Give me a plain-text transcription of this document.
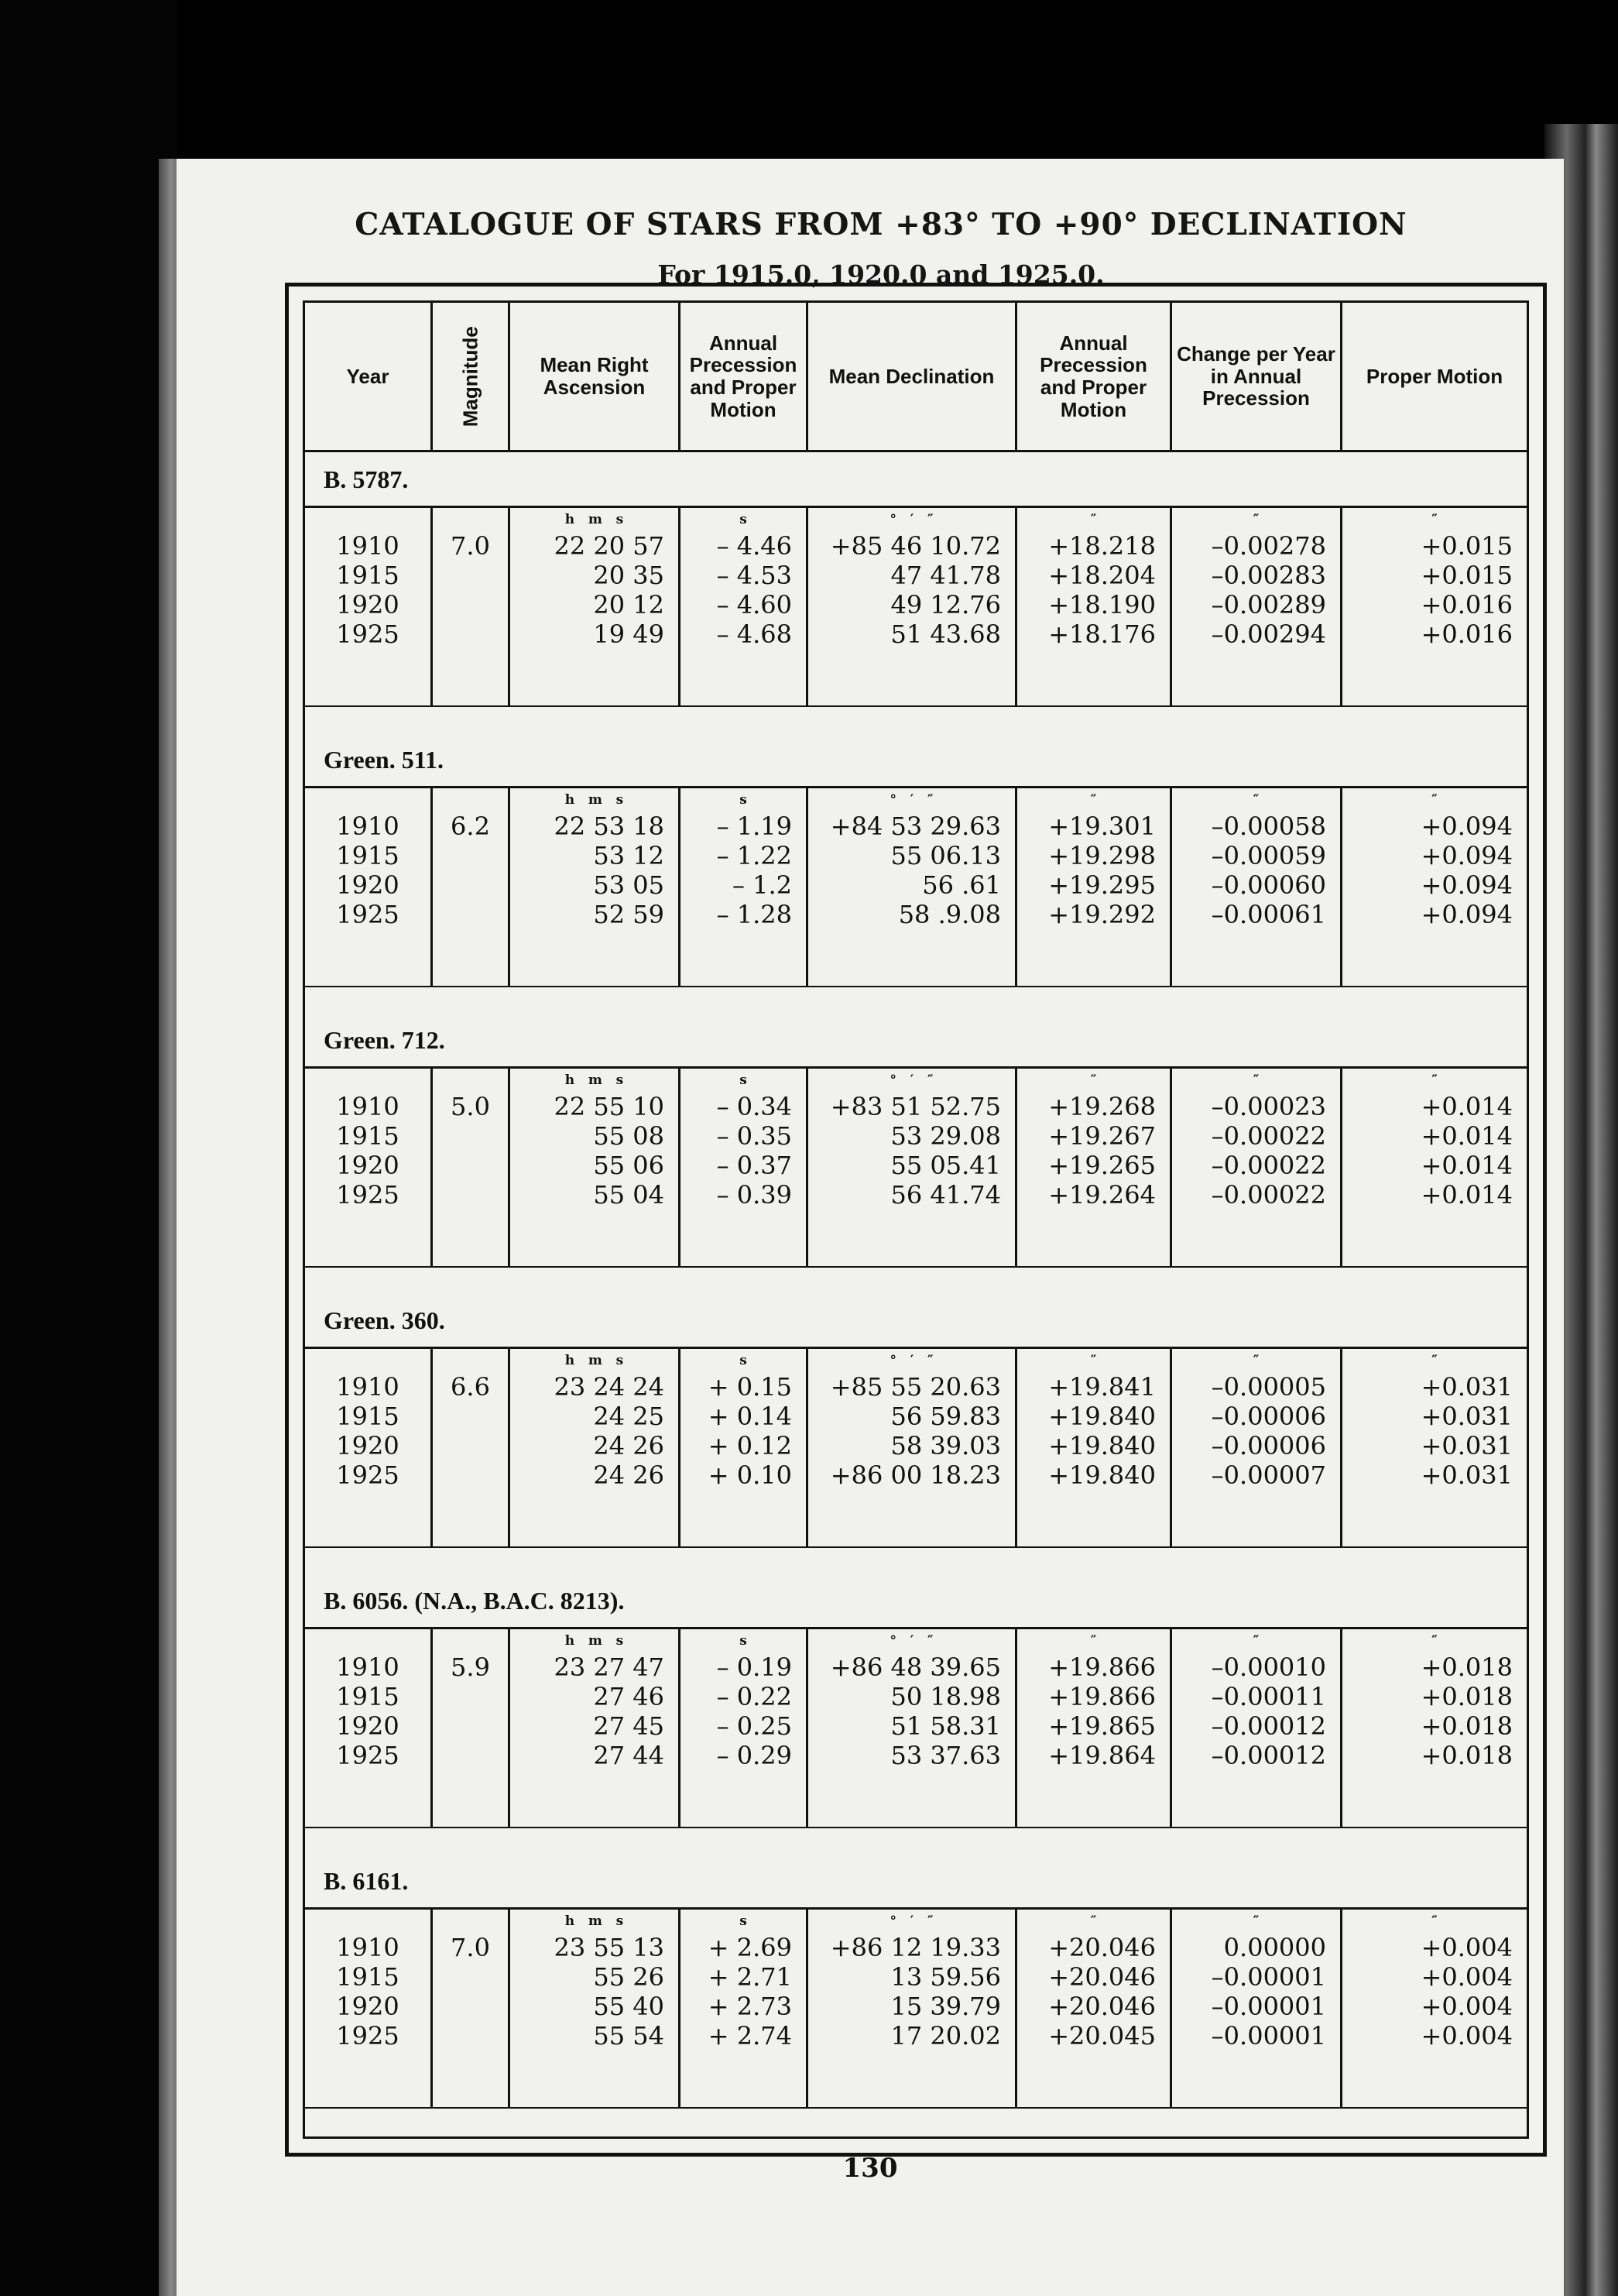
CATALOGUE OF STARS FROM +83° TO +90° DECLINATION
For 1915.0, 1920.0 and 1925.0.
Year	Magnitude	Mean Right Ascension
Annual Precession and Proper Motion
Mean Declination
Annual Precession and Proper Motion
Change per Year in Annual Precession
Proper Motion
B. 5787.
1910
1915
1920
1925
7.0
h   m   s
22 20 57
20 35
20 12
19 49
s
– 4.46
– 4.53
– 4.60
– 4.68
°   ′   ″
+85 46 10.72
47 41.78
49 12.76
51 43.68
″
+18.218
+18.204
+18.190
+18.176
″
–0.00278
–0.00283
–0.00289
–0.00294
″
+0.015
+0.015
+0.016
+0.016
Green. 511.
1910
1915
1920
1925
6.2
h   m   s
22 53 18
53 12
53 05
52 59
s
– 1.19
– 1.22
– 1.2
– 1.28
°   ′   ″
+84 53 29.63
55 06.13
56 .61
58 .9.08
″
+19.301
+19.298
+19.295
+19.292
″
–0.00058
–0.00059
–0.00060
–0.00061
″
+0.094
+0.094
+0.094
+0.094
Green. 712.
1910
1915
1920
1925
5.0
h   m   s
22 55 10
55 08
55 06
55 04
s
– 0.34
– 0.35
– 0.37
– 0.39
°   ′   ″
+83 51 52.75
53 29.08
55 05.41
56 41.74
″
+19.268
+19.267
+19.265
+19.264
″
–0.00023
–0.00022
–0.00022
–0.00022
″
+0.014
+0.014
+0.014
+0.014
Green. 360.
1910
1915
1920
1925
6.6
h   m   s
23 24 24
24 25
24 26
24 26
s
+ 0.15
+ 0.14
+ 0.12
+ 0.10
°   ′   ″
+85 55 20.63
56 59.83
58 39.03
+86 00 18.23
″
+19.841
+19.840
+19.840
+19.840
″
–0.00005
–0.00006
–0.00006
–0.00007
″
+0.031
+0.031
+0.031
+0.031
B. 6056. (N.A., B.A.C. 8213).
1910
1915
1920
1925
5.9
h   m   s
23 27 47
27 46
27 45
27 44
s
– 0.19
– 0.22
– 0.25
– 0.29
°   ′   ″
+86 48 39.65
50 18.98
51 58.31
53 37.63
″
+19.866
+19.866
+19.865
+19.864
″
–0.00010
–0.00011
–0.00012
–0.00012
″
+0.018
+0.018
+0.018
+0.018
B. 6161.
1910
1915
1920
1925
7.0
h   m   s
23 55 13
55 26
55 40
55 54
s
+ 2.69
+ 2.71
+ 2.73
+ 2.74
°   ′   ″
+86 12 19.33
13 59.56
15 39.79
17 20.02
″
+20.046
+20.046
+20.046
+20.045
″
0.00000
–0.00001
–0.00001
–0.00001
″
+0.004
+0.004
+0.004
+0.004
130
